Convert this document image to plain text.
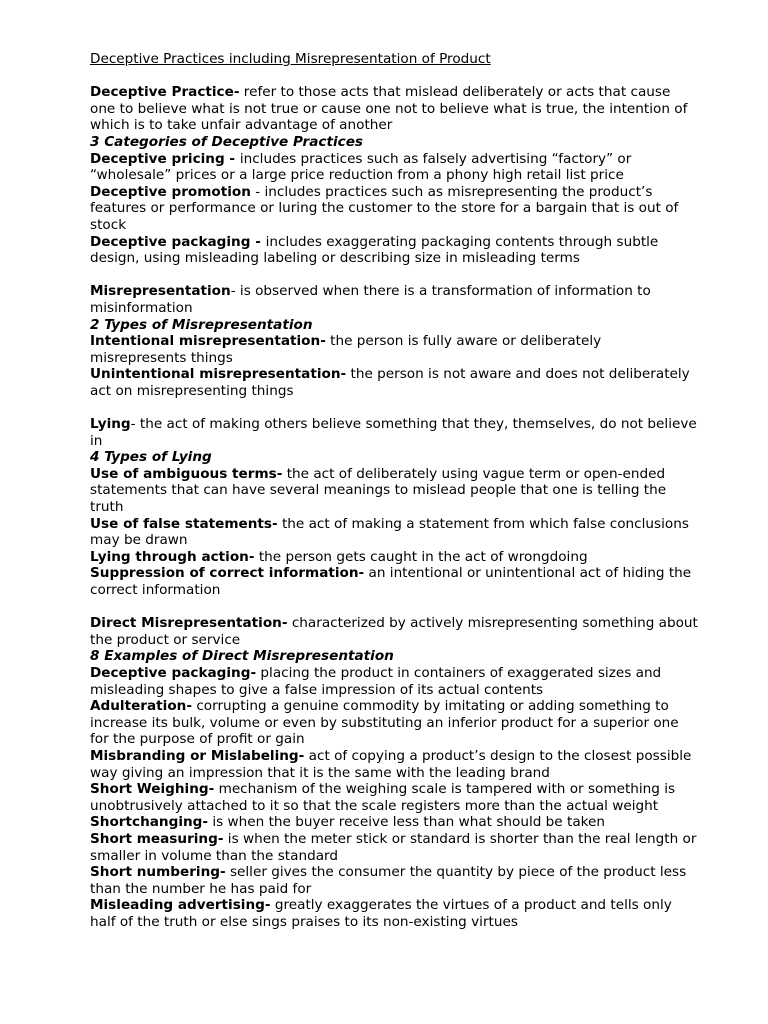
Deceptive Practices including Misrepresentation of Product

Deceptive Practice- refer to those acts that mislead deliberately or acts that cause one to believe what is not true or cause one not to believe what is true, the intention of which is to take unfair advantage of another

3 Categories of Deceptive Practices

Deceptive pricing - includes practices such as falsely advertising “factory” or “wholesale” prices or a large price reduction from a phony high retail list price

Deceptive promotion - includes practices such as misrepresenting the product’s features or performance or luring the customer to the store for a bargain that is out of stock

Deceptive packaging - includes exaggerating packaging contents through subtle design, using misleading labeling or describing size in misleading terms

Misrepresentation- is observed when there is a transformation of information to misinformation

2 Types of Misrepresentation

Intentional misrepresentation- the person is fully aware or deliberately misrepresents things

Unintentional misrepresentation- the person is not aware and does not deliberately act on misrepresenting things

Lying- the act of making others believe something that they, themselves, do not believe in

4 Types of Lying

Use of ambiguous terms- the act of deliberately using vague term or open-ended statements that can have several meanings to mislead people that one is telling the truth

Use of false statements- the act of making a statement from which false conclusions may be drawn

Lying through action- the person gets caught in the act of wrongdoing

Suppression of correct information- an intentional or unintentional act of hiding the correct information

Direct Misrepresentation- characterized by actively misrepresenting something about the product or service

8 Examples of Direct Misrepresentation

Deceptive packaging- placing the product in containers of exaggerated sizes and misleading shapes to give a false impression of its actual contents

Adulteration- corrupting a genuine commodity by imitating or adding something to increase its bulk, volume or even by substituting an inferior product for a superior one for the purpose of profit or gain

Misbranding or Mislabeling- act of copying a product’s design to the closest possible way giving an impression that it is the same with the leading brand

Short Weighing- mechanism of the weighing scale is tampered with or something is unobtrusively attached to it so that the scale registers more than the actual weight

Shortchanging- is when the buyer receive less than what should be taken

Short measuring- is when the meter stick or standard is shorter than the real length or smaller in volume than the standard

Short numbering- seller gives the consumer the quantity by piece of the product less than the number he has paid for

Misleading advertising- greatly exaggerates the virtues of a product and tells only half of the truth or else sings praises to its non-existing virtues
